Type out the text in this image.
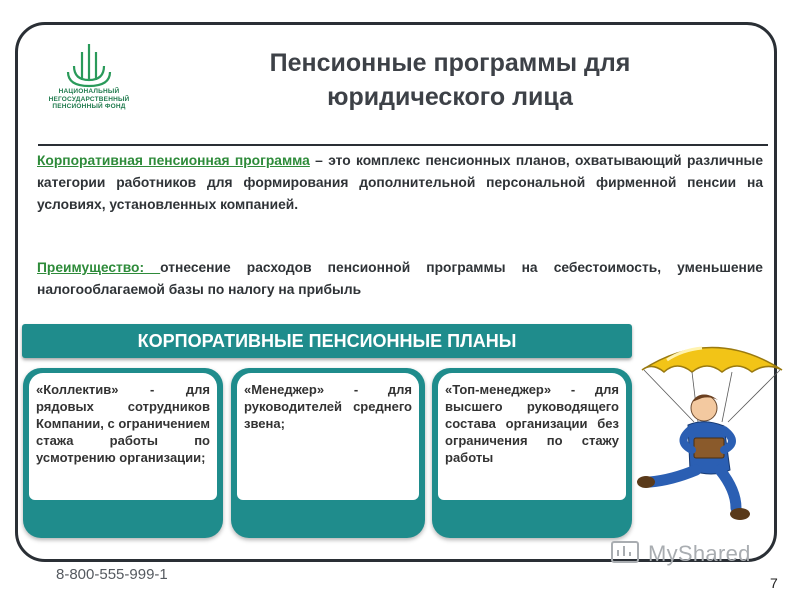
НАЦИОНАЛЬНЫЙ
НЕГОСУДАРСТВЕННЫЙ
ПЕНСИОННЫЙ ФОНД
Пенсионные программы для
юридического лица
Корпоративная пенсионная программа – это комплекс пенсионных планов, охватывающий различные категории работников для формирования дополнительной персональной фирменной пенсии на условиях, установленных компанией.
Преимущество: отнесение расходов пенсионной программы на себестоимость, уменьшение налогооблагаемой базы по налогу на прибыль
КОРПОРАТИВНЫЕ ПЕНСИОННЫЕ ПЛАНЫ
«Коллектив» - для рядовых сотрудников Компании, с ограничением стажа работы по усмотрению организации;
«Менеджер» - для руководителей среднего звена;
«Топ-менеджер» - для высшего руководящего состава организации без ограничения по стажу работы
8-800-555-999-1
MyShared
7
